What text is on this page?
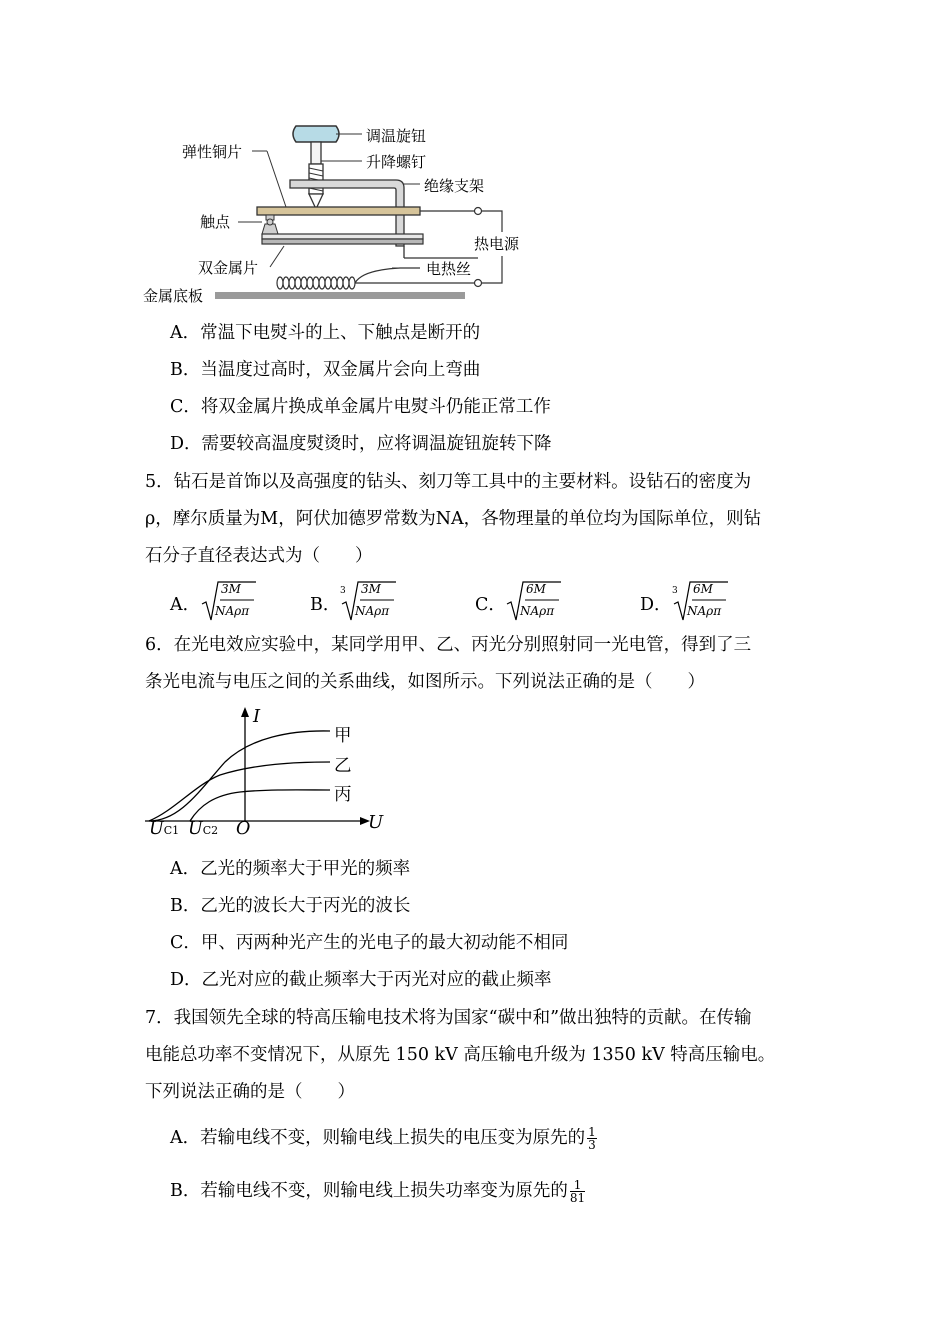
调温旋钮
升降螺钉
弹性铜片
绝缘支架
触点
热电源
双金属片	电热丝
金属底板
A．常温下电熨斗的上、下触点是断开的
B．当温度过高时，双金属片会向上弯曲
C．将双金属片换成单金属片电熨斗仍能正常工作
D．需要较高温度熨烫时，应将调温旋钮旋转下降
5．钻石是首饰以及高强度的钻头、刻刀等工具中的主要材料。设钻石的密度为
ρ，摩尔质量为M，阿伏加德罗常数为NA，各物理量的单位均为国际单位，则钻
石分子直径表达式为（　　）
A．
3M
NAρπ	B．
3 3M
NAρπ	C．
6M
NAρπ	D．
3 6M
NAρπ
6．在光电效应实验中，某同学用甲、乙、丙光分别照射同一光电管，得到了三
条光电流与电压之间的关系曲线，如图所示。下列说法正确的是（　　）
I
U
O
UC1 UC2
甲
乙
丙
A．乙光的频率大于甲光的频率
B．乙光的波长大于丙光的波长
C．甲、丙两种光产生的光电子的最大初动能不相同
D．乙光对应的截止频率大于丙光对应的截止频率
7．我国领先全球的特高压输电技术将为国家“碳中和”做出独特的贡献。在传输
电能总功率不变情况下，从原先 150 kV 高压输电升级为 1350 kV 特高压输电。
下列说法正确的是（　　）
A．若输电线不变，则输电线上损失的电压变为原先的 $\frac{1}{3}$
B．若输电线不变，则输电线上损失功率变为原先的 $\frac{1}{81}$
